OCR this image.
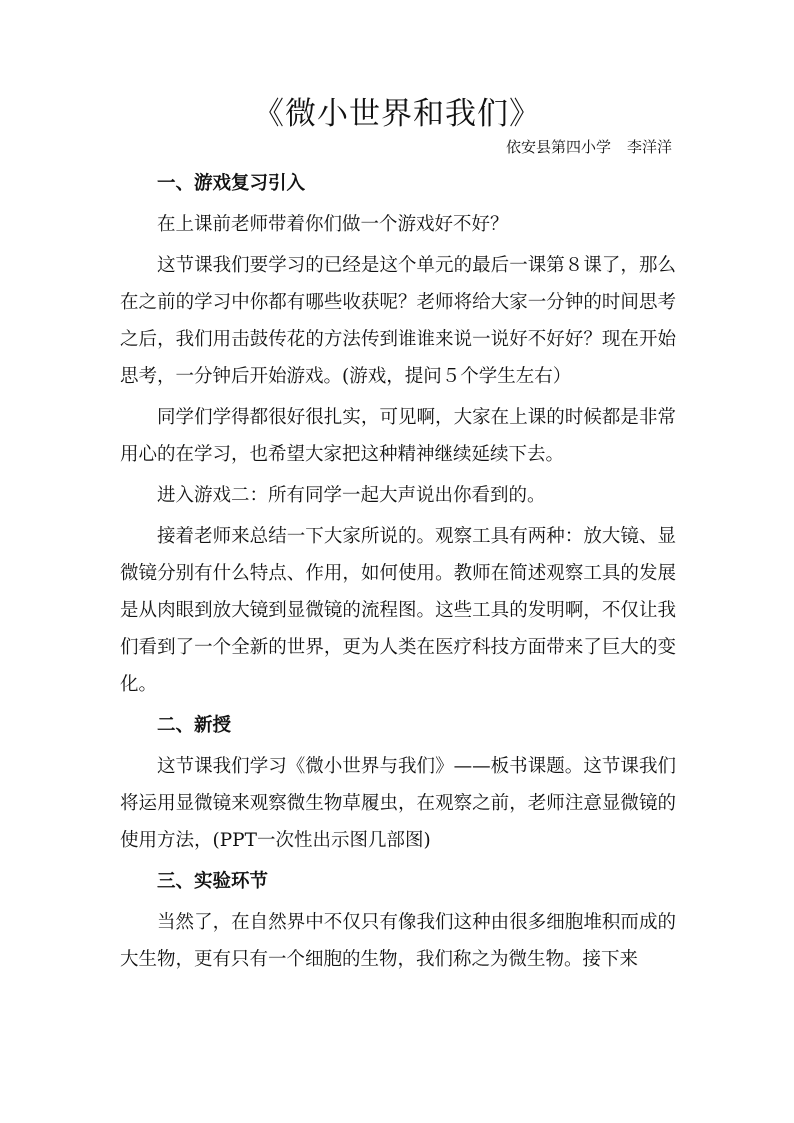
《微小世界和我们》
依安县第四小学 李洋洋
一、游戏复习引入

在上课前老师带着你们做一个游戏好不好？

这节课我们要学习的已经是这个单元的最后一课第８课了，那么在之前的学习中你都有哪些收获呢？老师将给大家一分钟的时间思考之后，我们用击鼓传花的方法传到谁谁来说一说好不好好？现在开始思考，一分钟后开始游戏。(游戏，提问５个学生左右）

同学们学得都很好很扎实，可见啊，大家在上课的时候都是非常用心的在学习，也希望大家把这种精神继续延续下去。

进入游戏二：所有同学一起大声说出你看到的。

接着老师来总结一下大家所说的。观察工具有两种：放大镜、显微镜分别有什么特点、作用，如何使用。教师在简述观察工具的发展是从肉眼到放大镜到显微镜的流程图。这些工具的发明啊，不仅让我们看到了一个全新的世界，更为人类在医疗科技方面带来了巨大的变化。

二、新授

这节课我们学习《微小世界与我们》——板书课题。这节课我们将运用显微镜来观察微生物草履虫，在观察之前，老师注意显微镜的使用方法，(PPT一次性出示图几部图)

三、实验环节

当然了，在自然界中不仅只有像我们这种由很多细胞堆积而成的大生物，更有只有一个细胞的生物，我们称之为微生物。接下来
